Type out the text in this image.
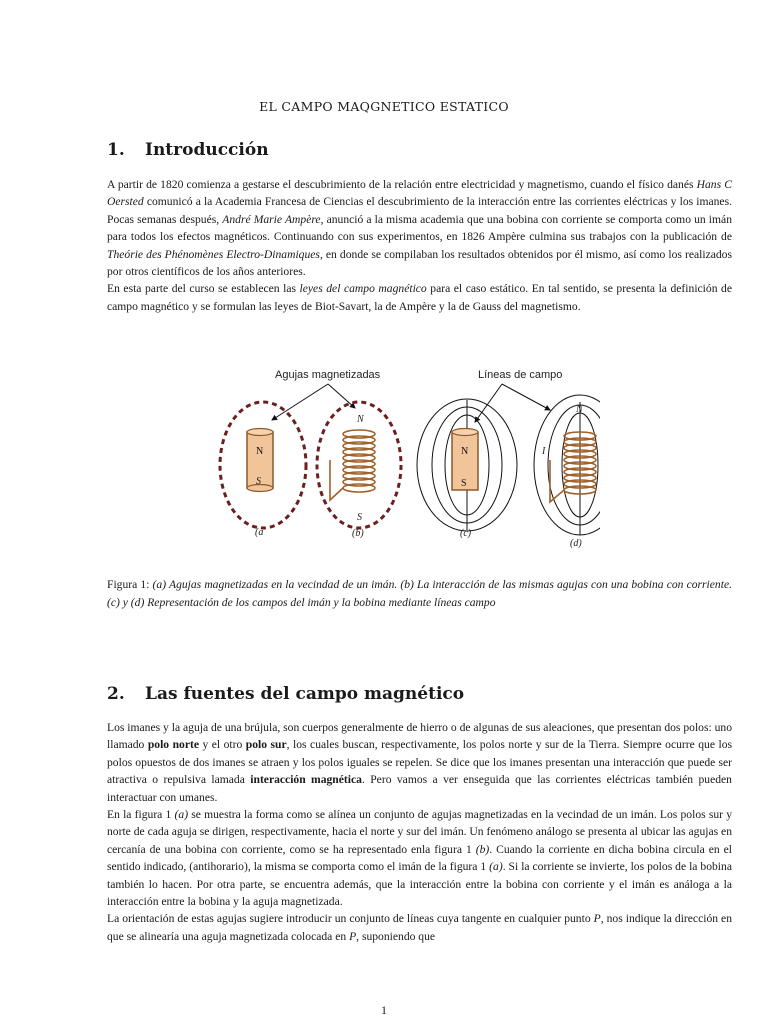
EL CAMPO MAQGNETICO ESTATICO
1. Introducción

A partir de 1820 comienza a gestarse el descubrimiento de la relación entre electricidad y magnetismo, cuando el físico danés Hans C Oersted comunicó a la Academia Francesa de Ciencias el descubrimiento de la interacción entre las corrientes eléctricas y los imanes. Pocas semanas después, André Marie Ampère, anunció a la misma academia que una bobina con corriente se comporta como un imán para todos los efectos magnéticos. Continuando con sus experimentos, en 1826 Ampère culmina sus trabajos con la publicación de Theórie des Phénomènes Electro-Dinamiques, en donde se compilaban los resultados obtenidos por él mismo, así como los realizados por otros científicos de los años anteriores.

En esta parte del curso se establecen las leyes del campo magnético para el caso estático. En tal sentido, se presenta la definición de campo magnético y se formulan las leyes de Biot-Savart, la de Ampère y la de Gauss del magnetismo.

Agujas magnetizadas	Líneas de campo
N
S
(a
N
S
(b)
N
S
(c)
N
I
(d)
Figura 1: (a) Agujas magnetizadas en la vecindad de un imán. (b) La interacción de las mismas agujas con una bobina con corriente. (c) y (d) Representación de los campos del imán y la bobina mediante líneas campo
2. Las fuentes del campo magnético

Los imanes y la aguja de una brújula, son cuerpos generalmente de hierro o de algunas de sus aleaciones, que presentan dos polos: uno llamado polo norte y el otro polo sur, los cuales buscan, respectivamente, los polos norte y sur de la Tierra. Siempre ocurre que los polos opuestos de dos imanes se atraen y los polos iguales se repelen. Se dice que los imanes presentan una interacción que puede ser atractiva o repulsiva lamada interacción magnética. Pero vamos a ver enseguida que las corrientes eléctricas también pueden interactuar con umanes.

En la figura 1 (a) se muestra la forma como se alínea un conjunto de agujas magnetizadas en la vecindad de un imán. Los polos sur y norte de cada aguja se dirigen, respectivamente, hacia el norte y sur del imán. Un fenómeno análogo se presenta al ubicar las agujas en cercanía de una bobina con corriente, como se ha representado enla figura 1 (b). Cuando la corriente en dicha bobina circula en el sentido indicado, (antihorario), la misma se comporta como el imán de la figura 1 (a). Si la corriente se invierte, los polos de la bobina también lo hacen. Por otra parte, se encuentra además, que la interacción entre la bobina con corriente y el imán es análoga a la interacción entre la bobina y la aguja magnetizada.

La orientación de estas agujas sugiere introducir un conjunto de líneas cuya tangente en cualquier punto P, nos indique la dirección en que se alinearía una aguja magnetizada colocada en P, suponiendo que

1
